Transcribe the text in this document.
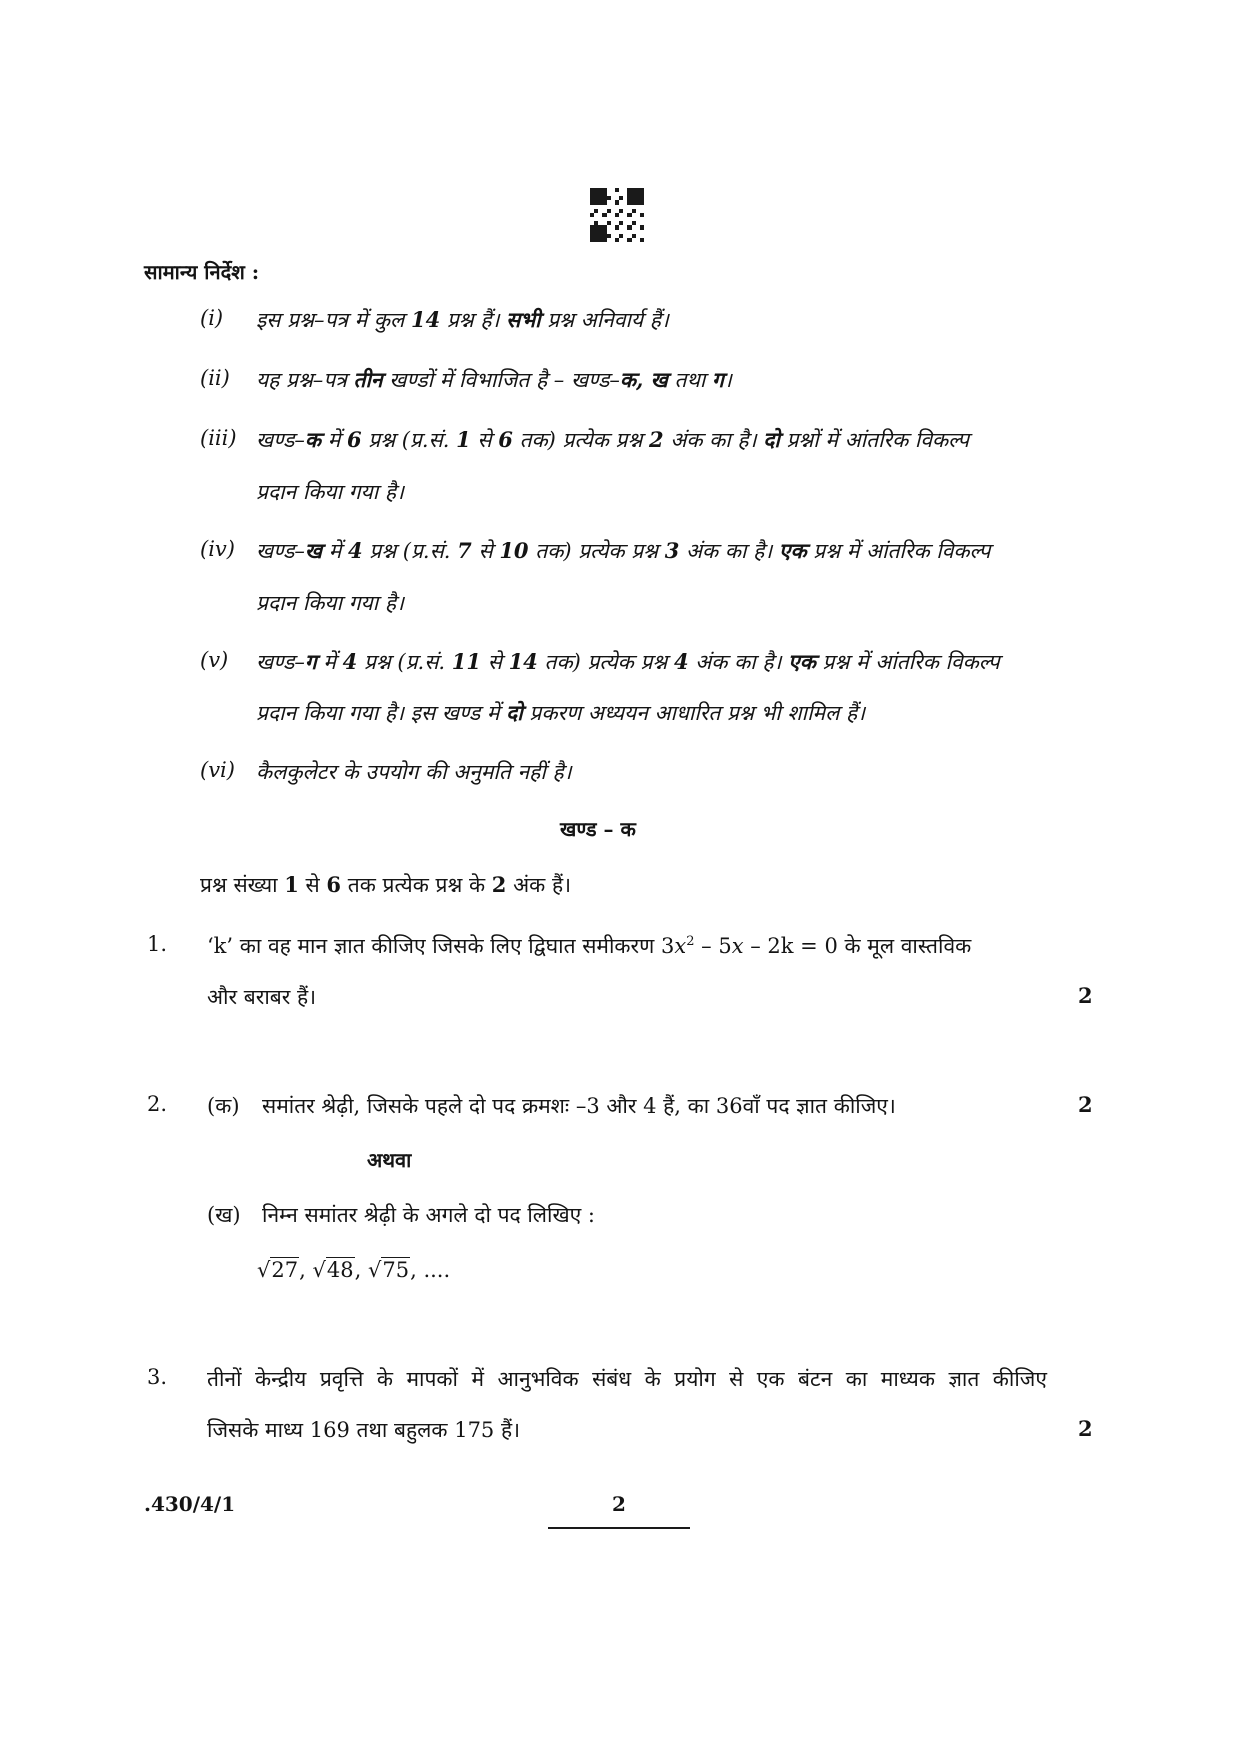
सामान्य निर्देश :
(i) इस प्रश्न–पत्र में कुल 14 प्रश्न हैं। सभी प्रश्न अनिवार्य हैं।
(ii) यह प्रश्न–पत्र तीन खण्डों में विभाजित है – खण्ड–क, ख तथा ग।
(iii) खण्ड–क में 6 प्रश्न (प्र.सं. 1 से 6 तक) प्रत्येक प्रश्न 2 अंक का है। दो प्रश्नों में आंतरिक विकल्प
प्रदान किया गया है।
(iv) खण्ड–ख में 4 प्रश्न (प्र.सं. 7 से 10 तक) प्रत्येक प्रश्न 3 अंक का है। एक प्रश्न में आंतरिक विकल्प
प्रदान किया गया है।
(v) खण्ड–ग में 4 प्रश्न (प्र.सं. 11 से 14 तक) प्रत्येक प्रश्न 4 अंक का है। एक प्रश्न में आंतरिक विकल्प
प्रदान किया गया है। इस खण्ड में दो प्रकरण अध्ययन आधारित प्रश्न भी शामिल हैं।
(vi) कैलकुलेटर के उपयोग की अनुमति नहीं है।
खण्ड – क
प्रश्न संख्या 1 से 6 तक प्रत्येक प्रश्न के 2 अंक हैं।
1. ‘k’ का वह मान ज्ञात कीजिए जिसके लिए द्विघात समीकरण $3x^2 - 5x - 2k = 0$ के मूल वास्तविक
और बराबर हैं।	2
2. (क) समांतर श्रेढ़ी, जिसके पहले दो पद क्रमशः –3 और 4 हैं, का 36वाँ पद ज्ञात कीजिए।	2
अथवा
(ख) निम्न समांतर श्रेढ़ी के अगले दो पद लिखिए :
√27, √48, √75, ....
3. तीनों केन्द्रीय प्रवृत्ति के मापकों में आनुभविक संबंध के प्रयोग से एक बंटन का माध्यक ज्ञात कीजिए
जिसके माध्य 169 तथा बहुलक 175 हैं।	2
.430/4/1	2
